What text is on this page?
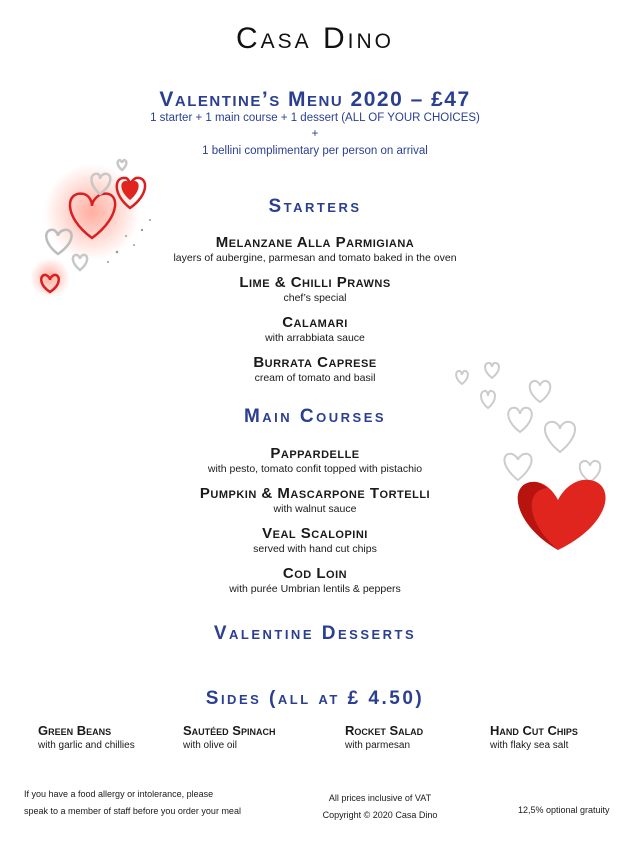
Casa Dino
Valentine’s Menu 2020 – £47
1 starter + 1 main course + 1 dessert (ALL OF YOUR CHOICES)
+
1 bellini complimentary per person on arrival
Starters
Melanzane Alla Parmigiana
layers of aubergine, parmesan and tomato baked in the oven
Lime & Chilli Prawns
chef’s special
Calamari
with arrabbiata sauce
Burrata Caprese
cream of tomato and basil
Main Courses
Pappardelle
with pesto, tomato confit topped with pistachio
Pumpkin & Mascarpone Tortelli
with walnut sauce
Veal Scalopini
served with hand cut chips
Cod Loin
with purée Umbrian lentils & peppers
Valentine Desserts
Sides (all at £ 4.50)
Green Beans
with garlic and chillies
Sautéed Spinach
with olive oil
Rocket Salad
with parmesan
Hand Cut Chips
with flaky sea salt
If you have a food allergy or intolerance, please
speak to a member of staff before you order your meal
All prices inclusive of VAT
Copyright © 2020 Casa Dino	12,5% optional gratuity
